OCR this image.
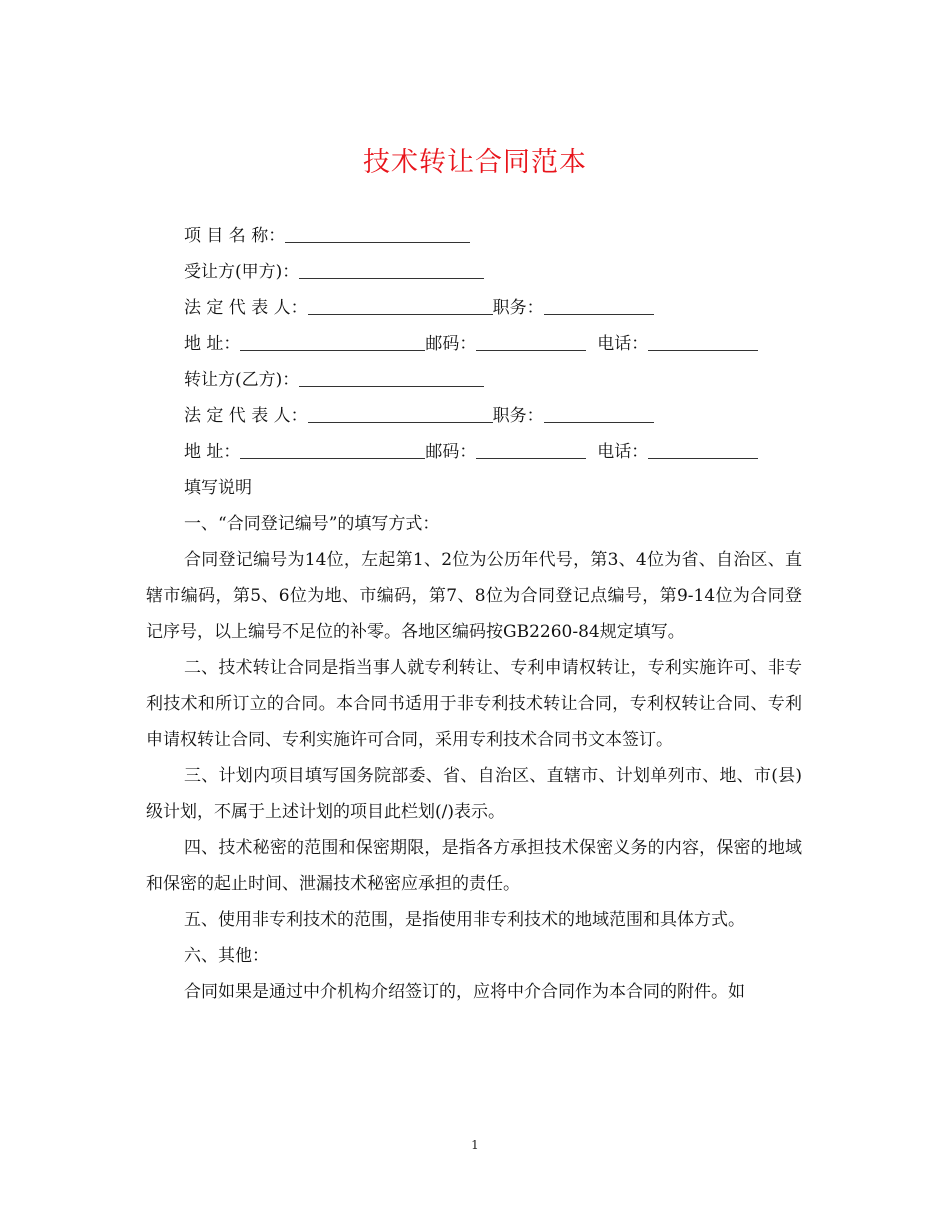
技术转让合同范本

项 目 名 称：

受让方(甲方)：

法 定 代 表 人：	职务：

地 址：	邮码：	电话：

转让方(乙方)：

法 定 代 表 人：	职务：

地 址：	邮码：	电话：

填写说明

一、“合同登记编号”的填写方式：

合同登记编号为14位，左起第1、2位为公历年代号，第3、4位为省、自治区、直辖市编码，第5、6位为地、市编码，第7、8位为合同登记点编号，第9-14位为合同登记序号，以上编号不足位的补零。各地区编码按GB2260-84规定填写。

二、技术转让合同是指当事人就专利转让、专利申请权转让，专利实施许可、非专利技术和所订立的合同。本合同书适用于非专利技术转让合同，专利权转让合同、专利申请权转让合同、专利实施许可合同，采用专利技术合同书文本签订。

三、计划内项目填写国务院部委、省、自治区、直辖市、计划单列市、地、市(县)级计划，不属于上述计划的项目此栏划(/)表示。

四、技术秘密的范围和保密期限，是指各方承担技术保密义务的内容，保密的地域和保密的起止时间、泄漏技术秘密应承担的责任。

五、使用非专利技术的范围，是指使用非专利技术的地域范围和具体方式。

六、其他：

合同如果是通过中介机构介绍签订的，应将中介合同作为本合同的附件。如

1
